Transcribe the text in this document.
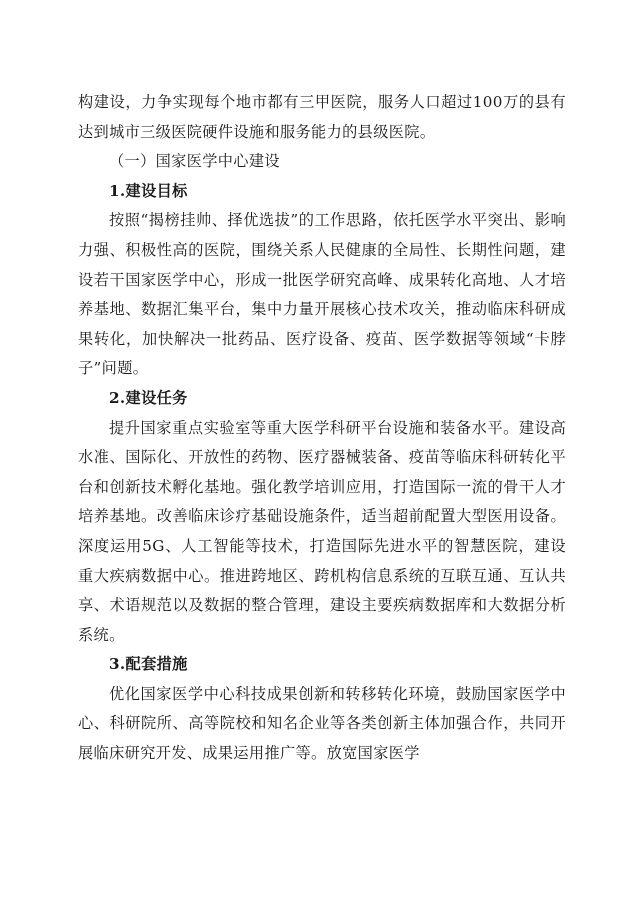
构建设，力争实现每个地市都有三甲医院，服务人口超过100万的县有达到城市三级医院硬件设施和服务能力的县级医院。

（一）国家医学中心建设

1.建设目标

按照“揭榜挂帅、择优选拔”的工作思路，依托医学水平突出、影响力强、积极性高的医院，围绕关系人民健康的全局性、长期性问题，建设若干国家医学中心，形成一批医学研究高峰、成果转化高地、人才培养基地、数据汇集平台，集中力量开展核心技术攻关，推动临床科研成果转化，加快解决一批药品、医疗设备、疫苗、医学数据等领域“卡脖子”问题。

2.建设任务

提升国家重点实验室等重大医学科研平台设施和装备水平。建设高水准、国际化、开放性的药物、医疗器械装备、疫苗等临床科研转化平台和创新技术孵化基地。强化教学培训应用，打造国际一流的骨干人才培养基地。改善临床诊疗基础设施条件，适当超前配置大型医用设备。深度运用5G、人工智能等技术，打造国际先进水平的智慧医院，建设重大疾病数据中心。推进跨地区、跨机构信息系统的互联互通、互认共享、术语规范以及数据的整合管理，建设主要疾病数据库和大数据分析系统。

3.配套措施

优化国家医学中心科技成果创新和转移转化环境，鼓励国家医学中心、科研院所、高等院校和知名企业等各类创新主体加强合作，共同开展临床研究开发、成果运用推广等。放宽国家医学
